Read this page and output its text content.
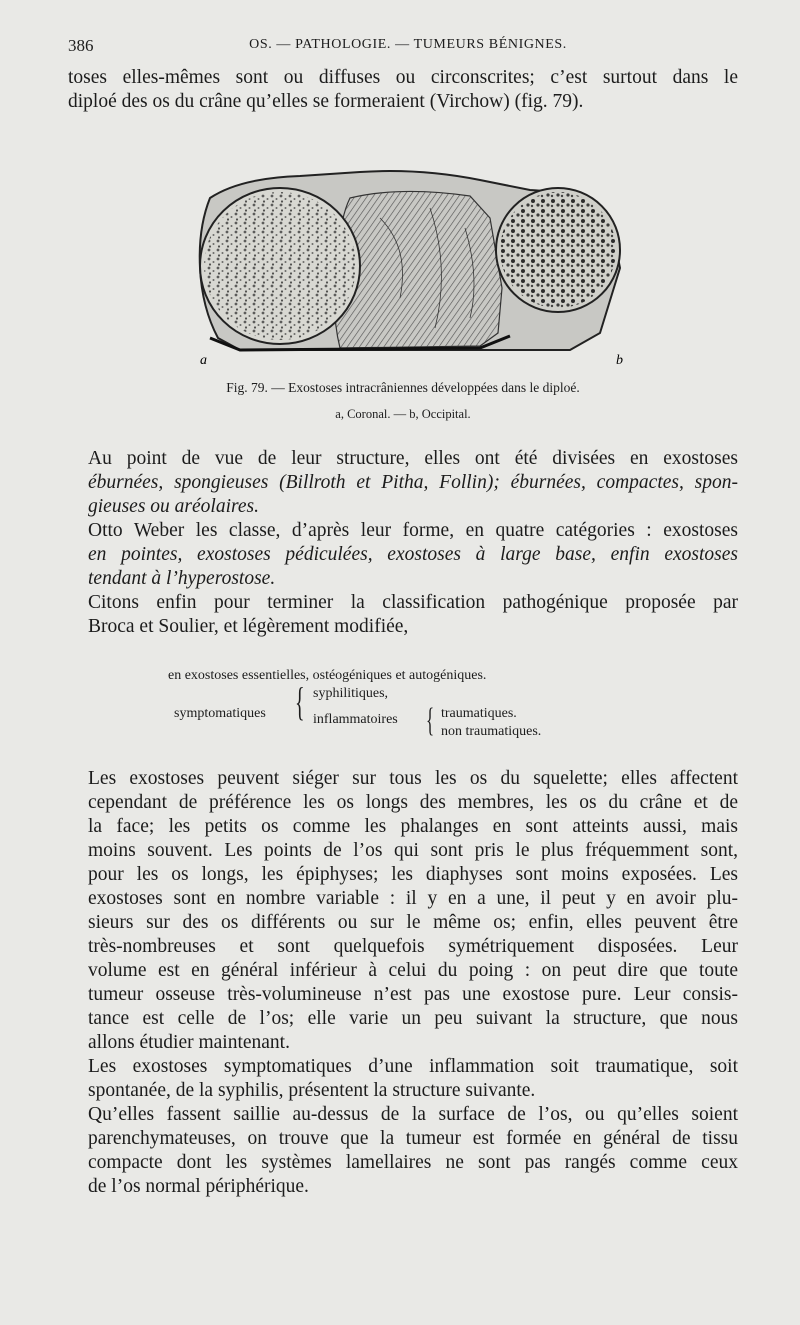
386	OS. — PATHOLOGIE. — TUMEURS BÉNIGNES.

toses elles-mêmes sont ou diffuses ou circonscrites; c’est surtout dans le
diploé des os du crâne qu’elles se formeraient (Virchow) (fig. 79).

a	b
Fig. 79. — Exostoses intracrâniennes développées dans le diploé.
a, Coronal. — b, Occipital.

Au point de vue de leur structure, elles ont été divisées en exostoses
éburnées, spongieuses (Billroth et Pitha, Follin); éburnées, compactes, spon-
gieuses ou aréolaires.

Otto Weber les classe, d’après leur forme, en quatre catégories : exostoses
en pointes, exostoses pédiculées, exostoses à large base, enfin exostoses
tendant à l’hyperostose.

Citons enfin pour terminer la classification pathogénique proposée par
Broca et Soulier, et légèrement modifiée,

en exostoses essentielles, ostéogéniques et autogéniques.
symptomatiques { syphilitiques,
inflammatoires { traumatiques.
non traumatiques.

Les exostoses peuvent siéger sur tous les os du squelette; elles affectent
cependant de préférence les os longs des membres, les os du crâne et de
la face; les petits os comme les phalanges en sont atteints aussi, mais
moins souvent. Les points de l’os qui sont pris le plus fréquemment sont,
pour les os longs, les épiphyses; les diaphyses sont moins exposées. Les
exostoses sont en nombre variable : il y en a une, il peut y en avoir plu-
sieurs sur des os différents ou sur le même os; enfin, elles peuvent être
très-nombreuses et sont quelquefois symétriquement disposées. Leur
volume est en général inférieur à celui du poing : on peut dire que toute
tumeur osseuse très-volumineuse n’est pas une exostose pure. Leur consis-
tance est celle de l’os; elle varie un peu suivant la structure, que nous
allons étudier maintenant.

Les exostoses symptomatiques d’une inflammation soit traumatique, soit
spontanée, de la syphilis, présentent la structure suivante.

Qu’elles fassent saillie au-dessus de la surface de l’os, ou qu’elles soient
parenchymateuses, on trouve que la tumeur est formée en général de tissu
compacte dont les systèmes lamellaires ne sont pas rangés comme ceux
de l’os normal périphérique.
